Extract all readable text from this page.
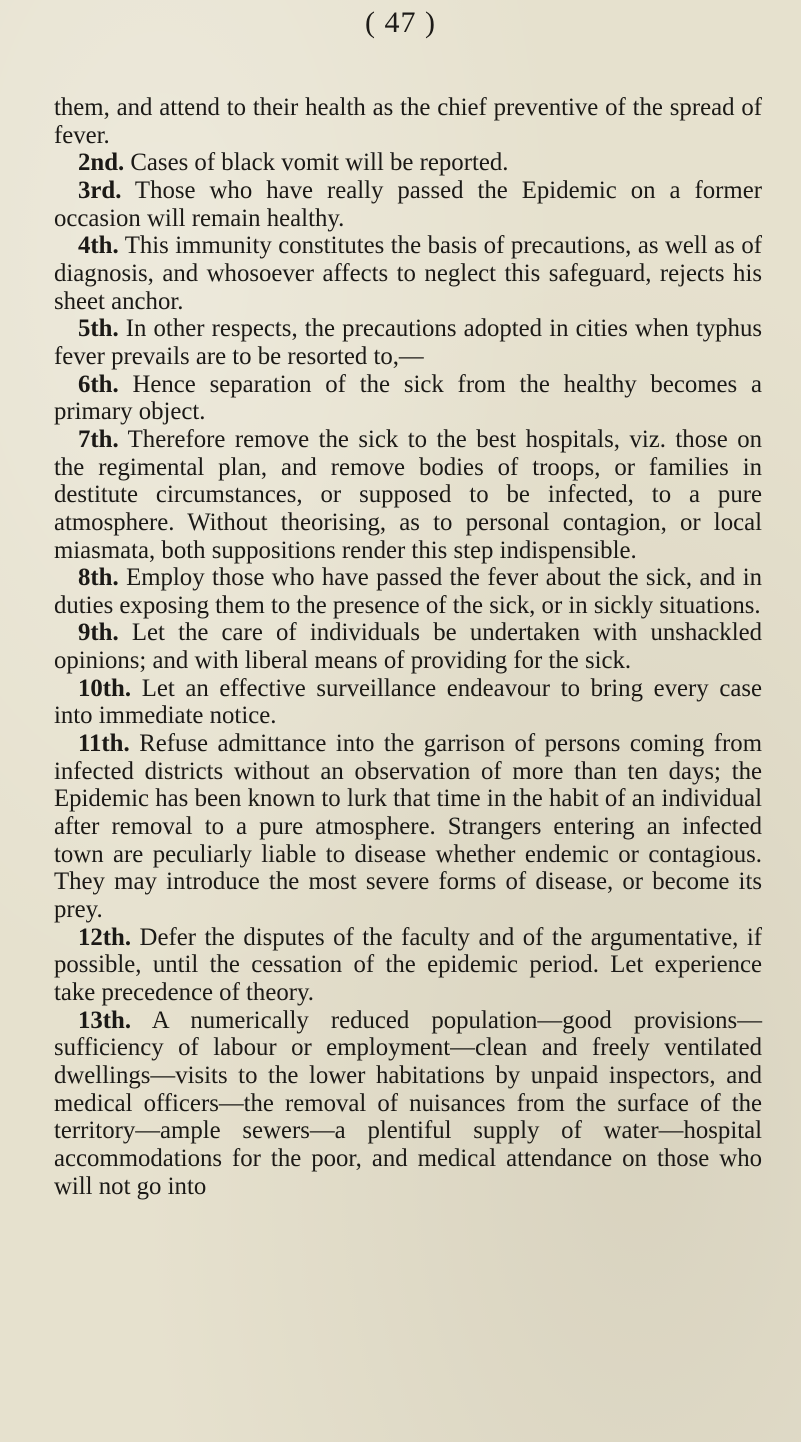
( 47 )

them, and attend to their health as the chief preventive of the spread of fever.

2nd. Cases of black vomit will be reported.

3rd. Those who have really passed the Epidemic on a former occasion will remain healthy.

4th. This immunity constitutes the basis of precautions, as well as of diagnosis, and whosoever affects to neglect this safeguard, rejects his sheet anchor.

5th. In other respects, the precautions adopted in cities when typhus fever prevails are to be resorted to,—

6th. Hence separation of the sick from the healthy becomes a primary object.

7th. Therefore remove the sick to the best hospitals, viz. those on the regimental plan, and remove bodies of troops, or families in destitute circumstances, or supposed to be infected, to a pure atmosphere. Without theorising, as to personal contagion, or local miasmata, both suppositions render this step indispensible.

8th. Employ those who have passed the fever about the sick, and in duties exposing them to the presence of the sick, or in sickly situations.

9th. Let the care of individuals be undertaken with unshackled opinions; and with liberal means of providing for the sick.

10th. Let an effective surveillance endeavour to bring every case into immediate notice.

11th. Refuse admittance into the garrison of persons coming from infected districts without an observation of more than ten days; the Epidemic has been known to lurk that time in the habit of an individual after removal to a pure atmosphere. Strangers entering an infected town are peculiarly liable to disease whether endemic or contagious. They may introduce the most severe forms of disease, or become its prey.

12th. Defer the disputes of the faculty and of the argumentative, if possible, until the cessation of the epidemic period. Let experience take precedence of theory.

13th. A numerically reduced population—good provisions—sufficiency of labour or employment—clean and freely ventilated dwellings—visits to the lower habitations by unpaid inspectors, and medical officers—the removal of nuisances from the surface of the territory—ample sewers—a plentiful supply of water—hospital accommodations for the poor, and medical attendance on those who will not go into
